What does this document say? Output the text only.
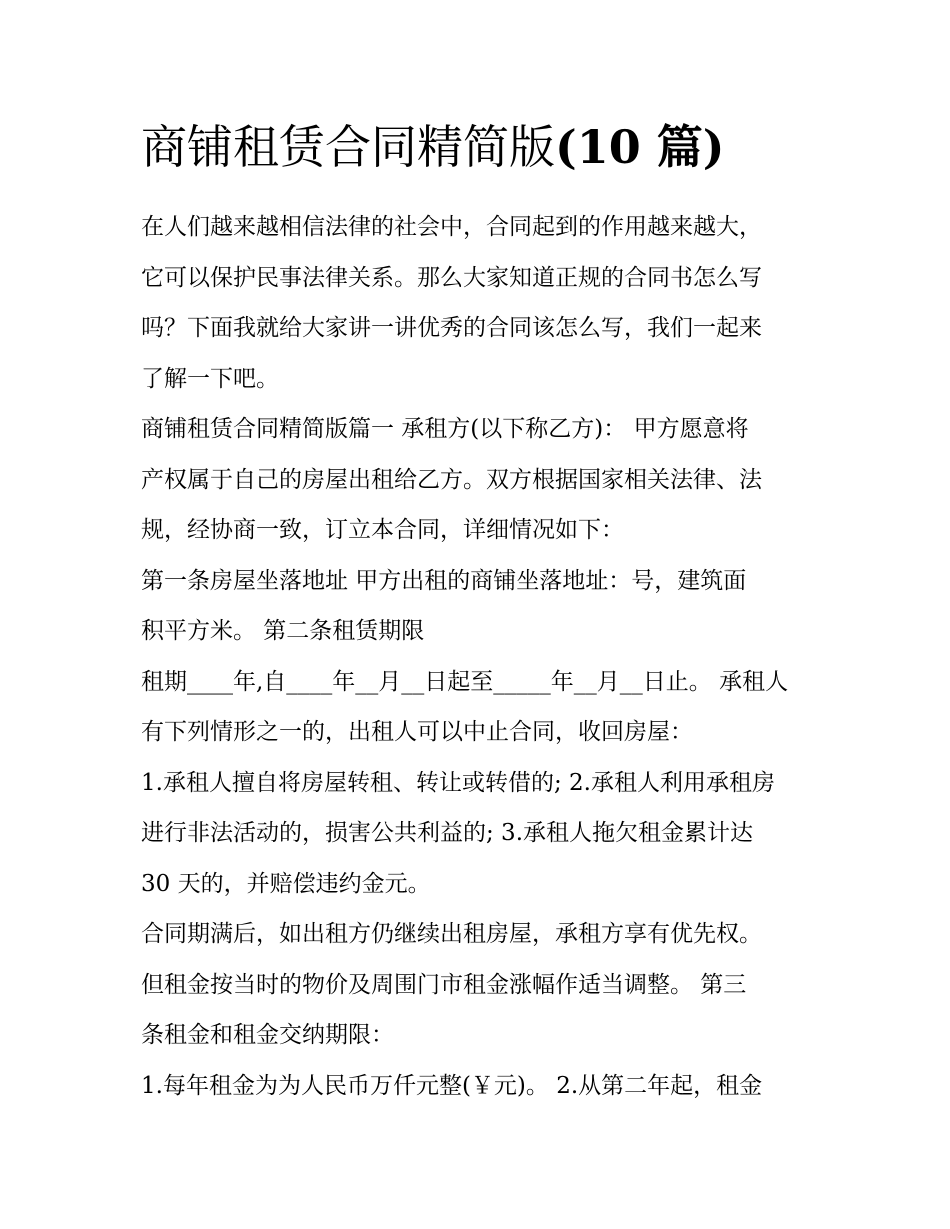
商铺租赁合同精简版(10 篇)

在人们越来越相信法律的社会中，合同起到的作用越来越大，

它可以保护民事法律关系。那么大家知道正规的合同书怎么写

吗？下面我就给大家讲一讲优秀的合同该怎么写，我们一起来

了解一下吧。

商铺租赁合同精简版篇一 承租方(以下称乙方)： 甲方愿意将

产权属于自己的房屋出租给乙方。双方根据国家相关法律、法

规，经协商一致，订立本合同，详细情况如下：

第一条房屋坐落地址 甲方出租的商铺坐落地址：号，建筑面

积平方米。 第二条租赁期限

租期____年,自____年__月__日起至_____年__月__日止。 承租人

有下列情形之一的，出租人可以中止合同，收回房屋：

1.承租人擅自将房屋转租、转让或转借的; 2.承租人利用承租房

进行非法活动的，损害公共利益的; 3.承租人拖欠租金累计达

30 天的，并赔偿违约金元。

合同期满后，如出租方仍继续出租房屋，承租方享有优先权。

但租金按当时的物价及周围门市租金涨幅作适当调整。 第三

条租金和租金交纳期限：

1.每年租金为为人民币万仟元整(￥元)。 2.从第二年起，租金
